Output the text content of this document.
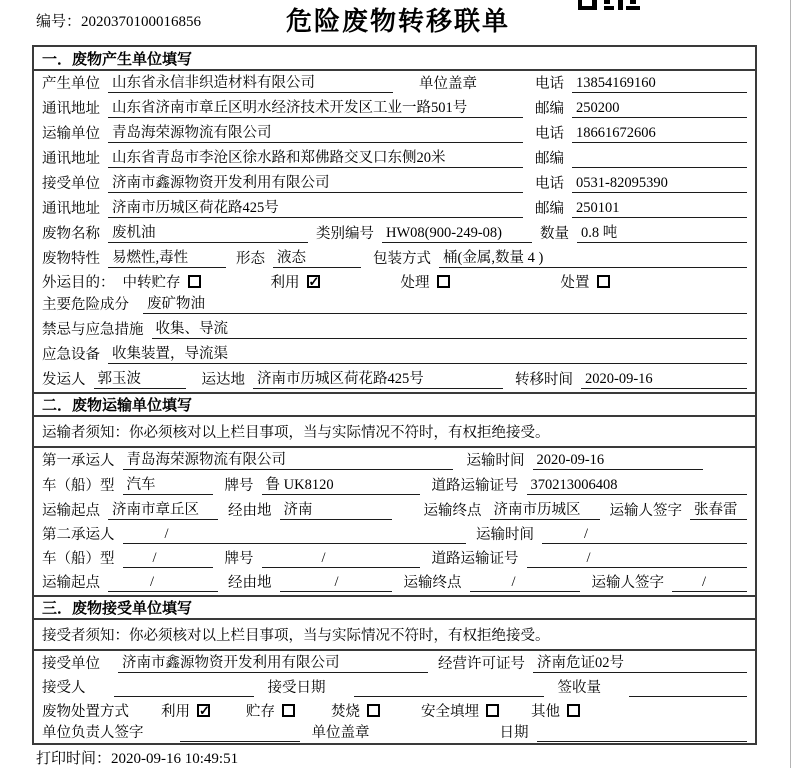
编号：2020370100016856	危险废物转移联单
一．废物产生单位填写
产生单位 山东省永信非织造材料有限公司	单位盖章	电话 13854169160
通讯地址 山东省济南市章丘区明水经济技术开发区工业一路501号	邮编 250200
运输单位 青岛海荣源物流有限公司	电话 18661672606
通讯地址 山东省青岛市李沧区徐水路和郑佛路交叉口东侧20米	邮编
接受单位 济南市鑫源物资开发利用有限公司	电话 0531-82095390
通讯地址 济南市历城区荷花路425号	邮编 250101
废物名称 废机油	类别编号 HW08(900-249-08)	数量 0.8 吨
废物特性 易燃性,毒性	形态 液态	包装方式 桶(金属,数量 4 )
外运目的： 中转贮存	利用 ✓	处理	处置
主要危险成分 废矿物油
禁忌与应急措施 收集、导流
应急设备 收集装置，导流渠
发运人 郭玉波	运达地 济南市历城区荷花路425号	转移时间 2020-09-16
二．废物运输单位填写
运输者须知：你必须核对以上栏目事项，当与实际情况不符时，有权拒绝接受。
第一承运人 青岛海荣源物流有限公司	运输时间 2020-09-16
车（船）型 汽车	牌号 鲁 UK8120	道路运输证号 370213006408
运输起点 济南市章丘区	经由地 济南	运输终点 济南市历城区	运输人签字 张春雷
第二承运人	/	运输时间	/
车（船）型	/	牌号	/	道路运输证号	/
运输起点	/	经由地	/	运输终点	/	运输人签字	/
三．废物接受单位填写
接受者须知：你必须核对以上栏目事项，当与实际情况不符时，有权拒绝接受。
接受单位 济南市鑫源物资开发利用有限公司	经营许可证号 济南危证02号
接受人	接受日期	签收量
废物处置方式 利用 ✓ 贮存	焚烧	安全填埋	其他
单位负责人签字	单位盖章	日期
打印时间：2020-09-16 10:49:51
